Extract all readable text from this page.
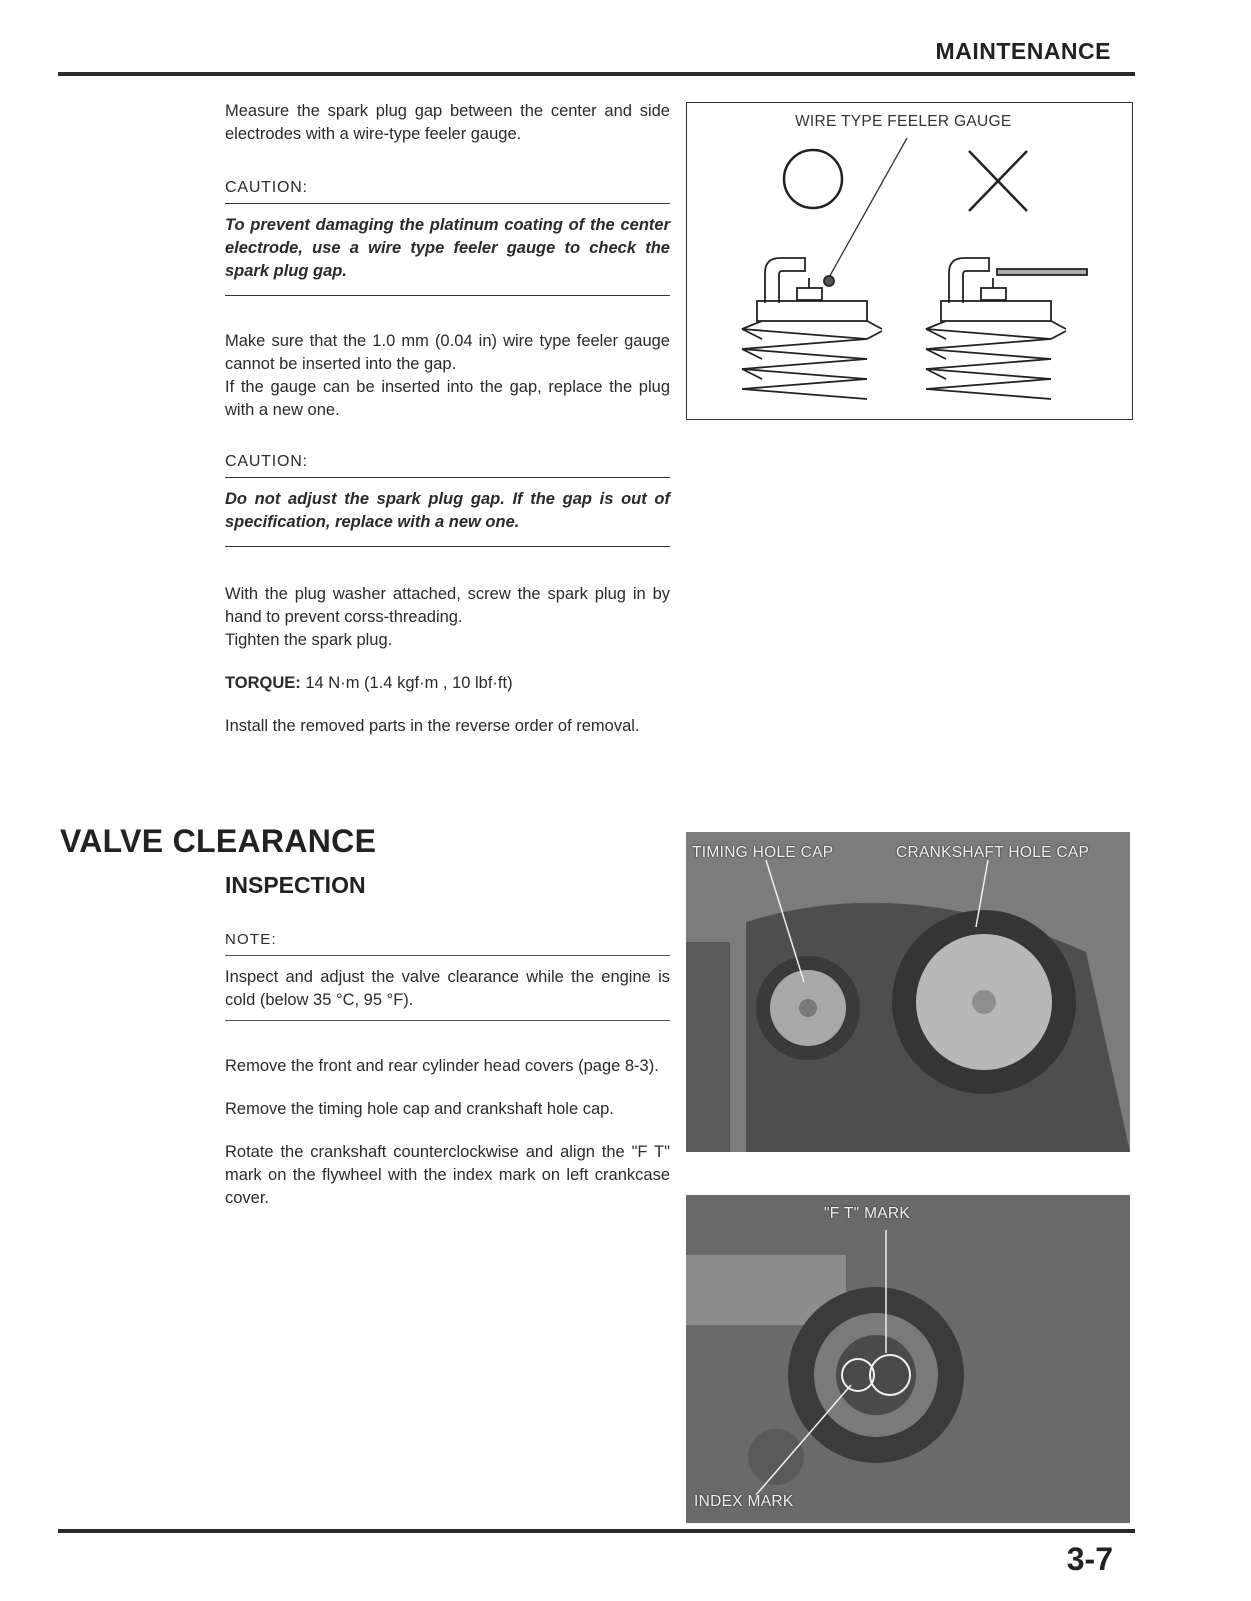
MAINTENANCE

Measure the spark plug gap between the center and side electrodes with a wire-type feeler gauge.

CAUTION:
To prevent damaging the platinum coating of the center electrode, use a wire type feeler gauge to check the spark plug gap.

Make sure that the 1.0 mm (0.04 in) wire type feeler gauge cannot be inserted into the gap.

If the gauge can be inserted into the gap, replace the plug with a new one.

CAUTION:
Do not adjust the spark plug gap. If the gap is out of specification, replace with a new one.

With the plug washer attached, screw the spark plug in by hand to prevent corss-threading.

Tighten the spark plug.

TORQUE: 14 N·m (1.4 kgf·m , 10 lbf·ft)

Install the removed parts in the reverse order of removal.

WIRE TYPE FEELER GAUGE
VALVE CLEARANCE
INSPECTION
NOTE:
Inspect and adjust the valve clearance while the engine is cold (below 35 °C, 95 °F).

Remove the front and rear cylinder head covers (page 8-3).

Remove the timing hole cap and crankshaft hole cap.

Rotate the crankshaft counterclockwise and align the "F T" mark on the flywheel with the index mark on left crankcase cover.

TIMING HOLE CAP	CRANKSHAFT HOLE CAP
"F T" MARK
INDEX MARK
3-7
